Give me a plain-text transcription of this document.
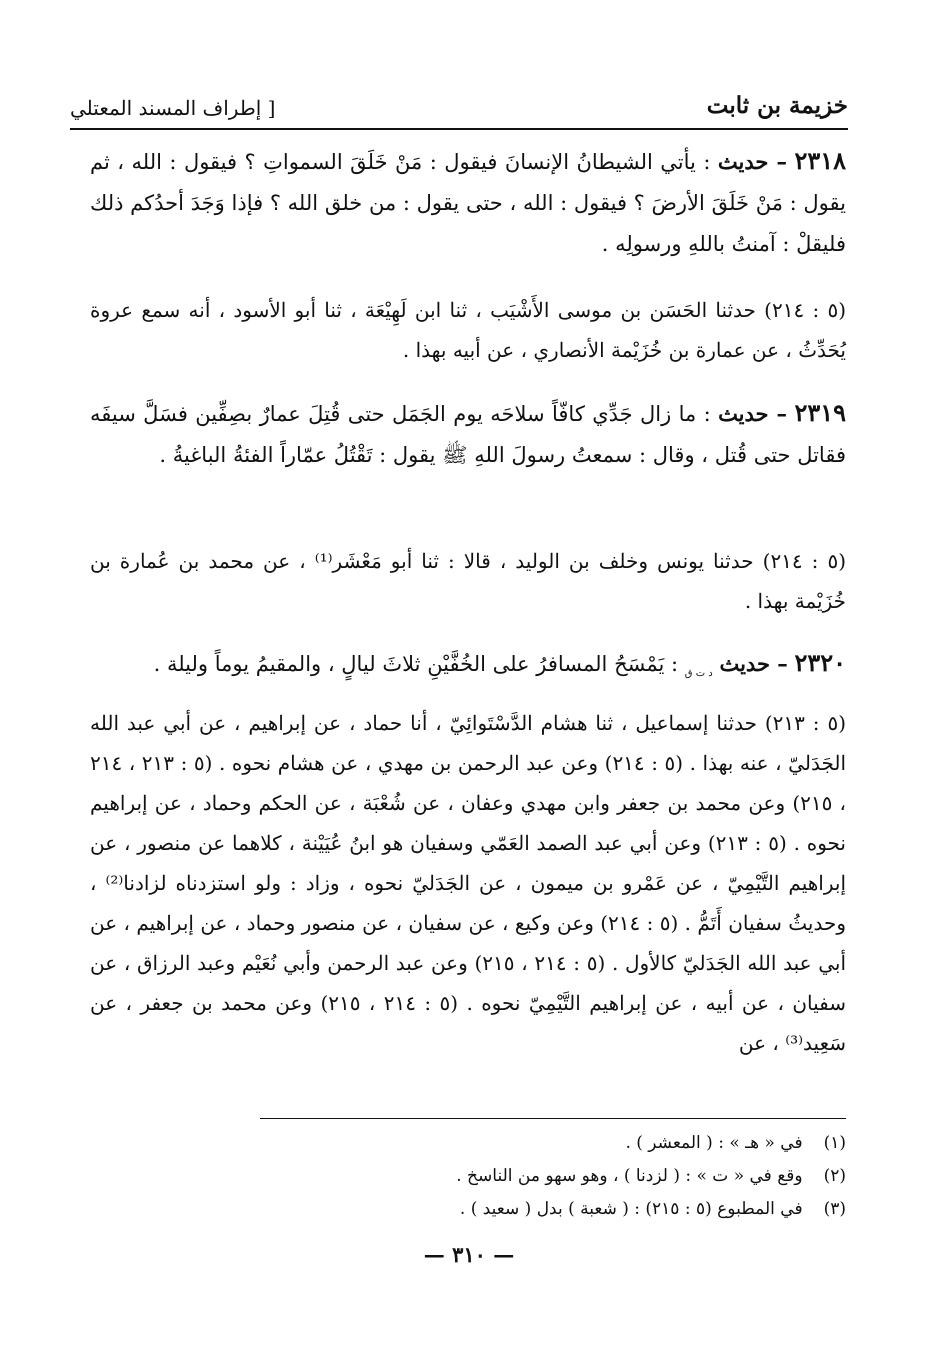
خزيمة بن ثابت
[ إطراف المسند المعتلي
٢٣١٨ – حديث : يأتي الشيطانُ الإنسانَ فيقول : مَنْ خَلَقَ السمواتِ ؟ فيقول : الله ، ثم يقول : مَنْ خَلَقَ الأرضَ ؟ فيقول : الله ، حتى يقول : من خلق الله ؟ فإذا وَجَدَ أحدُكم ذلك فليقلْ : آمنتُ باللهِ ورسولِه .
(٥ : ٢١٤) حدثنا الحَسَن بن موسى الأَشْيَب ، ثنا ابن لَهِيْعَة ، ثنا أبو الأسود ، أنه سمع عروة يُحَدِّثُ ، عن عمارة بن خُزَيْمة الأنصاري ، عن أبيه بهذا .
٢٣١٩ – حديث : ما زال جَدِّي كافّاً سلاحَه يوم الجَمَل حتى قُتِلَ عمارٌ بصِفِّين فسَلَّ سيفَه فقاتل حتى قُتل ، وقال : سمعتُ رسولَ اللهِ ﷺ يقول : تَقْتُلُ عمّاراً الفئةُ الباغيةُ .
(٥ : ٢١٤) حدثنا يونس وخلف بن الوليد ، قالا : ثنا أبو مَعْشَر⁽¹⁾ ، عن محمد بن عُمارة بن خُزَيْمة بهذا .
٢٣٢٠ – حديث $_{د ت ق}$ : يَمْسَحُ المسافرُ على الخُفَّيْنِ ثلاثَ ليالٍ ، والمقيمُ يوماً وليلة .
(٥ : ٢١٣) حدثنا إسماعيل ، ثنا هشام الدَّسْتَوائِيّ ، أنا حماد ، عن إبراهيم ، عن أبي عبد الله الجَدَليّ ، عنه بهذا . (٥ : ٢١٤) وعن عبد الرحمن بن مهدي ، عن هشام نحوه . (٥ : ٢١٣ ، ٢١٤ ، ٢١٥) وعن محمد بن جعفر وابن مهدي وعفان ، عن شُعْبَة ، عن الحكم وحماد ، عن إبراهيم نحوه . (٥ : ٢١٣) وعن أبي عبد الصمد العَمّي وسفيان هو ابنُ عُيَيْنة ، كلاهما عن منصور ، عن إبراهيم التَّيْمِيّ ، عن عَمْرو بن ميمون ، عن الجَدَليّ نحوه ، وزاد : ولو استزدناه لزادنا⁽²⁾ ، وحديثُ سفيان أَتَمُّ . (٥ : ٢١٤) وعن وكيع ، عن سفيان ، عن منصور وحماد ، عن إبراهيم ، عن أبي عبد الله الجَدَليّ كالأول . (٥ : ٢١٤ ، ٢١٥) وعن عبد الرحمن وأبي نُعَيْم وعبد الرزاق ، عن سفيان ، عن أبيه ، عن إبراهيم التَّيْمِيّ نحوه . (٥ : ٢١٤ ، ٢١٥) وعن محمد بن جعفر ، عن سَعِيد⁽³⁾ ، عن
(١) في « هـ » : ( المعشر ) .
(٢) وقع في « ت » : ( لزدنا ) ، وهو سهو من الناسخ .
(٣) في المطبوع (٥ : ٢١٥) : ( شعبة ) بدل ( سعيد ) .
— ٣١٠ —
